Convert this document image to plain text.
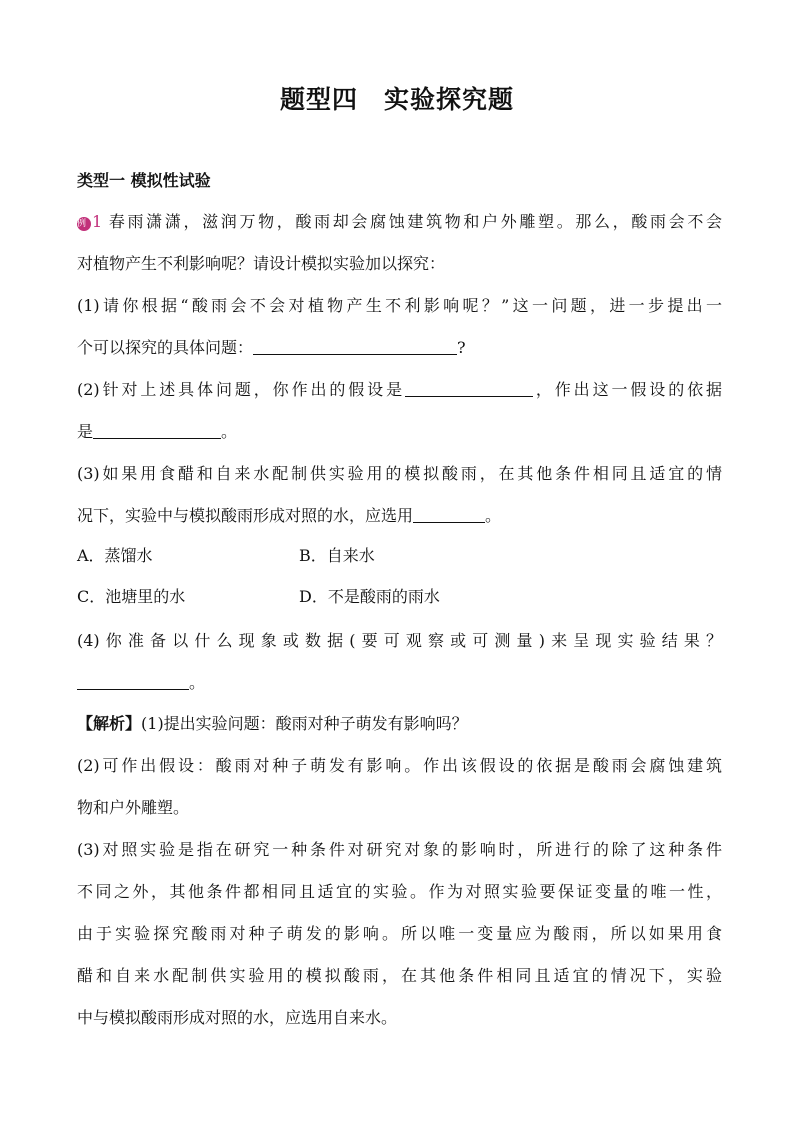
题型四　实验探究题
类型一 模拟性试验
例 1 春雨潇潇，滋润万物，酸雨却会腐蚀建筑物和户外雕塑。那么，酸雨会不会
对植物产生不利影响呢？请设计模拟实验加以探究：
(1)请你根据“酸雨会不会对植物产生不利影响呢？”这一问题，进一步提出一
个可以探究的具体问题：	?
(2)针对上述具体问题，你作出的假设是	，作出这一假设的依据
是	。
(3)如果用食醋和自来水配制供实验用的模拟酸雨，在其他条件相同且适宜的情
况下，实验中与模拟酸雨形成对照的水，应选用	。
A．蒸馏水	B．自来水
C．池塘里的水	D．不是酸雨的雨水
(4)你准备以什么现象或数据(要可观察或可测量)来呈现实验结果？
。
【解析】(1)提出实验问题：酸雨对种子萌发有影响吗？
(2)可作出假设：酸雨对种子萌发有影响。作出该假设的依据是酸雨会腐蚀建筑
物和户外雕塑。
(3)对照实验是指在研究一种条件对研究对象的影响时，所进行的除了这种条件
不同之外，其他条件都相同且适宜的实验。作为对照实验要保证变量的唯一性，
由于实验探究酸雨对种子萌发的影响。所以唯一变量应为酸雨，所以如果用食
醋和自来水配制供实验用的模拟酸雨，在其他条件相同且适宜的情况下，实验
中与模拟酸雨形成对照的水，应选用自来水。
